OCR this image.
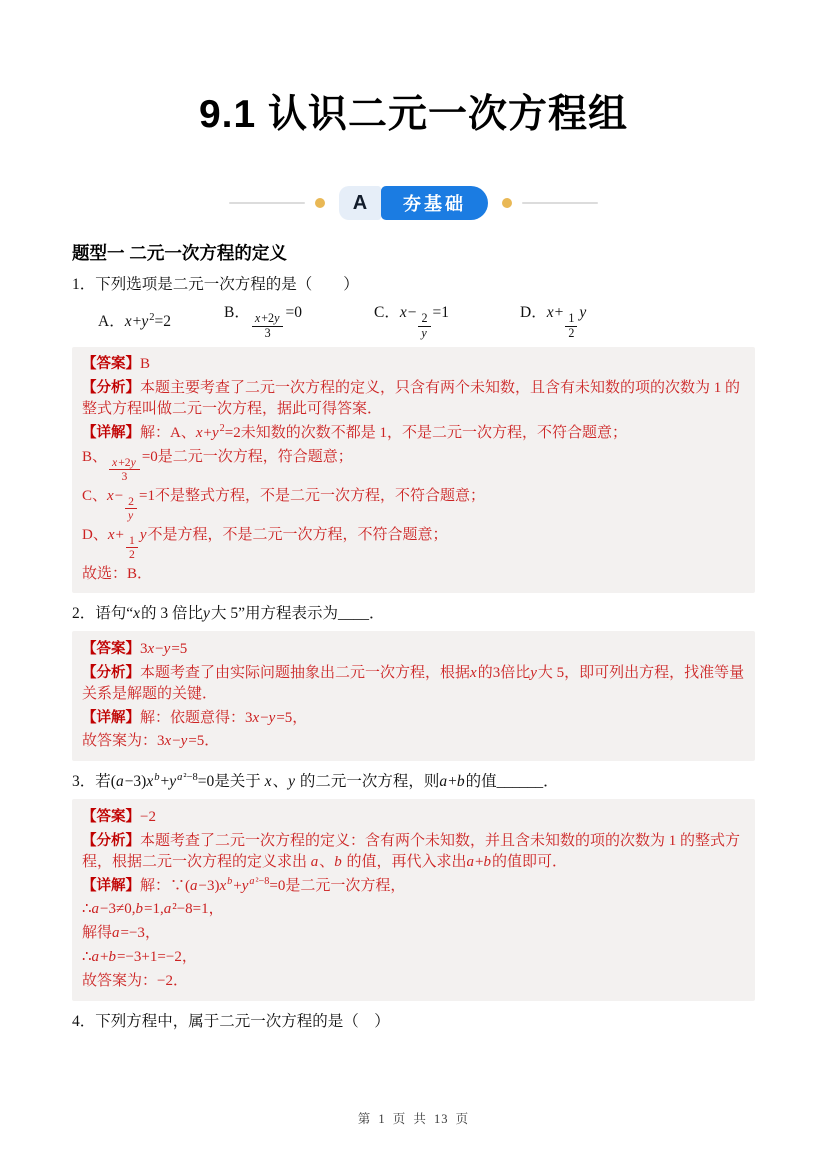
9.1 认识二元一次方程组
A	夯基础
题型一 二元一次方程的定义
1．下列选项是二元一次方程的是（　　）
A．$x+y^2=2$
B． $\frac{x+2y}{3} =0$	C．$x- \frac{2}{y} =1$	D．$x+ \frac{1}{2}$ y
【答案】B
【分析】本题主要考查了二元一次方程的定义，只含有两个未知数，且含有未知数的项的次数为 1 的整式方程叫做二元一次方程，据此可得答案．
【详解】解：A、$x+y^2=2$未知数的次数不都是 1，不是二元一次方程，不符合题意；
B、 $\frac{x+2y}{3} =0$是二元一次方程，符合题意；
C、$x- \frac{2}{y} =1$不是整式方程，不是二元一次方程，不符合题意；
D、$x+ \frac{1}{2}$ y不是方程，不是二元一次方程，不符合题意；
故选：B．
2．语句“x的 3 倍比y大 5”用方程表示为____．
【答案】3x−y=5
【分析】本题考查了由实际问题抽象出二元一次方程，根据x的3倍比y大 5，即可列出方程，找准等量关系是解题的关键．
【详解】解：依题意得：3x−y=5，
故答案为：3x−y=5．
3．若$(a-3)x^b+y^{a^2-8}=0$是关于 x、y 的二元一次方程，则a+b的值______．
【答案】−2
【分析】本题考查了二元一次方程的定义：含有两个未知数，并且含未知数的项的次数为 1 的整式方程，根据二元一次方程的定义求出 a、b 的值，再代入求出a+b的值即可．
【详解】解：$\because(a-3)x^b+y^{a^2-8}=0$是二元一次方程，
∴a−3≠0,b=1,a²−8=1，
解得a=−3，
∴a+b=−3+1=−2，
故答案为：−2．
4．下列方程中，属于二元一次方程的是（　）
第 1 页 共 13 页
